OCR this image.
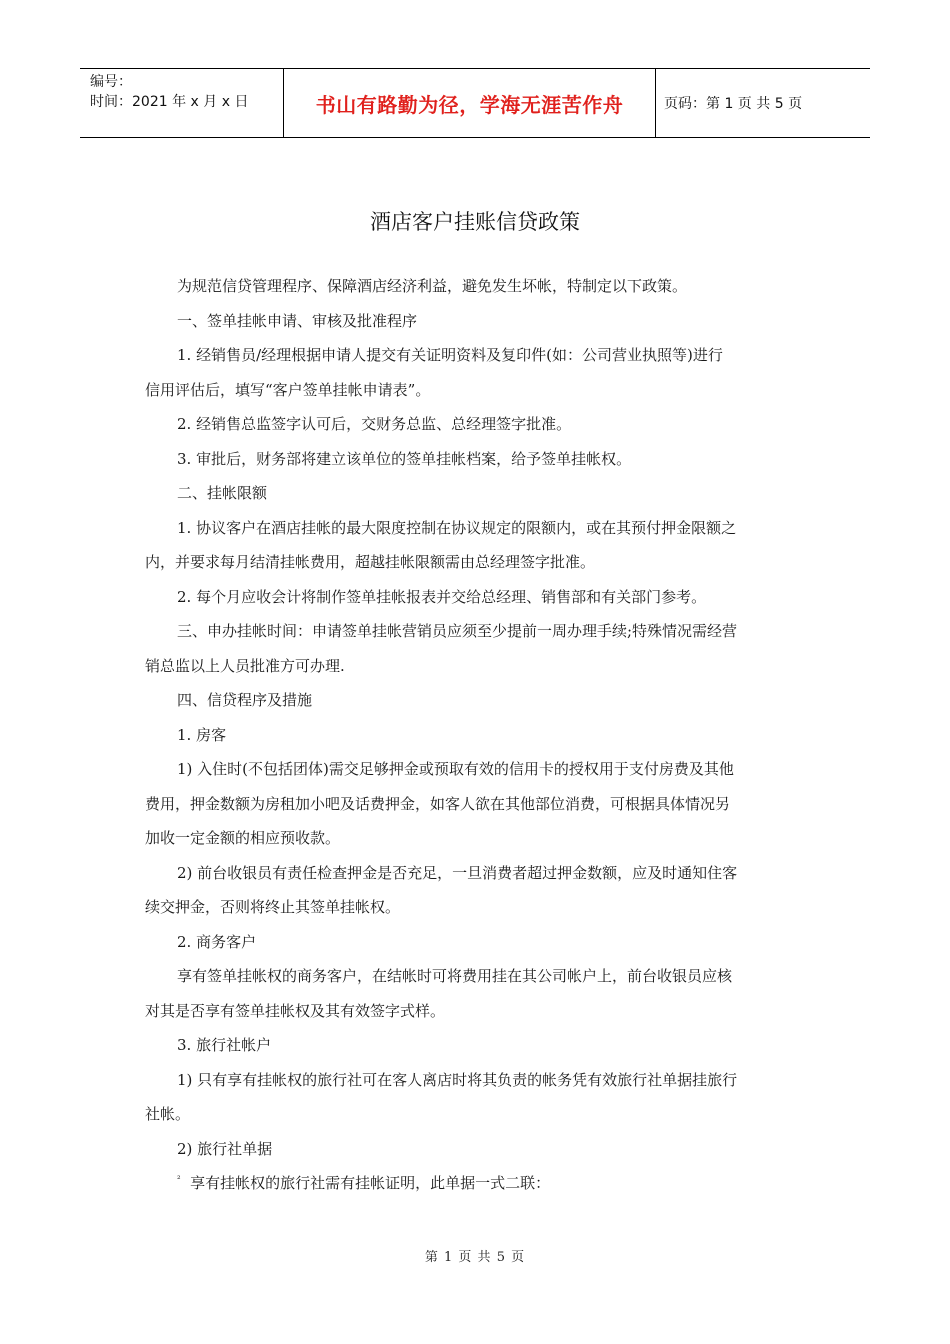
编号：
时间：2021 年 x 月 x 日	书山有路勤为径，学海无涯苦作舟	页码：第 1 页 共 5 页
酒店客户挂账信贷政策

为规范信贷管理程序、保障酒店经济利益，避免发生坏帐，特制定以下政策。

一、签单挂帐申请、审核及批准程序

1. 经销售员/经理根据申请人提交有关证明资料及复印件(如：公司营业执照等)进行

信用评估后，填写“客户签单挂帐申请表”。

2. 经销售总监签字认可后，交财务总监、总经理签字批准。

3. 审批后，财务部将建立该单位的签单挂帐档案，给予签单挂帐权。

二、挂帐限额

1. 协议客户在酒店挂帐的最大限度控制在协议规定的限额内，或在其预付押金限额之

内，并要求每月结清挂帐费用，超越挂帐限额需由总经理签字批准。

2. 每个月应收会计将制作签单挂帐报表并交给总经理、销售部和有关部门参考。

三、申办挂帐时间：申请签单挂帐营销员应须至少提前一周办理手续;特殊情况需经营

销总监以上人员批准方可办理.

四、信贷程序及措施

1. 房客

1) 入住时(不包括团体)需交足够押金或预取有效的信用卡的授权用于支付房费及其他

费用，押金数额为房租加小吧及话费押金，如客人欲在其他部位消费，可根据具体情况另

加收一定金额的相应预收款。

2) 前台收银员有责任检查押金是否充足，一旦消费者超过押金数额，应及时通知住客

续交押金，否则将终止其签单挂帐权。

2. 商务客户

享有签单挂帐权的商务客户，在结帐时可将费用挂在其公司帐户上，前台收银员应核

对其是否享有签单挂帐权及其有效签字式样。

3. 旅行社帐户

1) 只有享有挂帐权的旅行社可在客人离店时将其负责的帐务凭有效旅行社单据挂旅行

社帐。

2) 旅行社单据

$^{^2}$ 享有挂帐权的旅行社需有挂帐证明，此单据一式二联：

第 1 页 共 5 页
